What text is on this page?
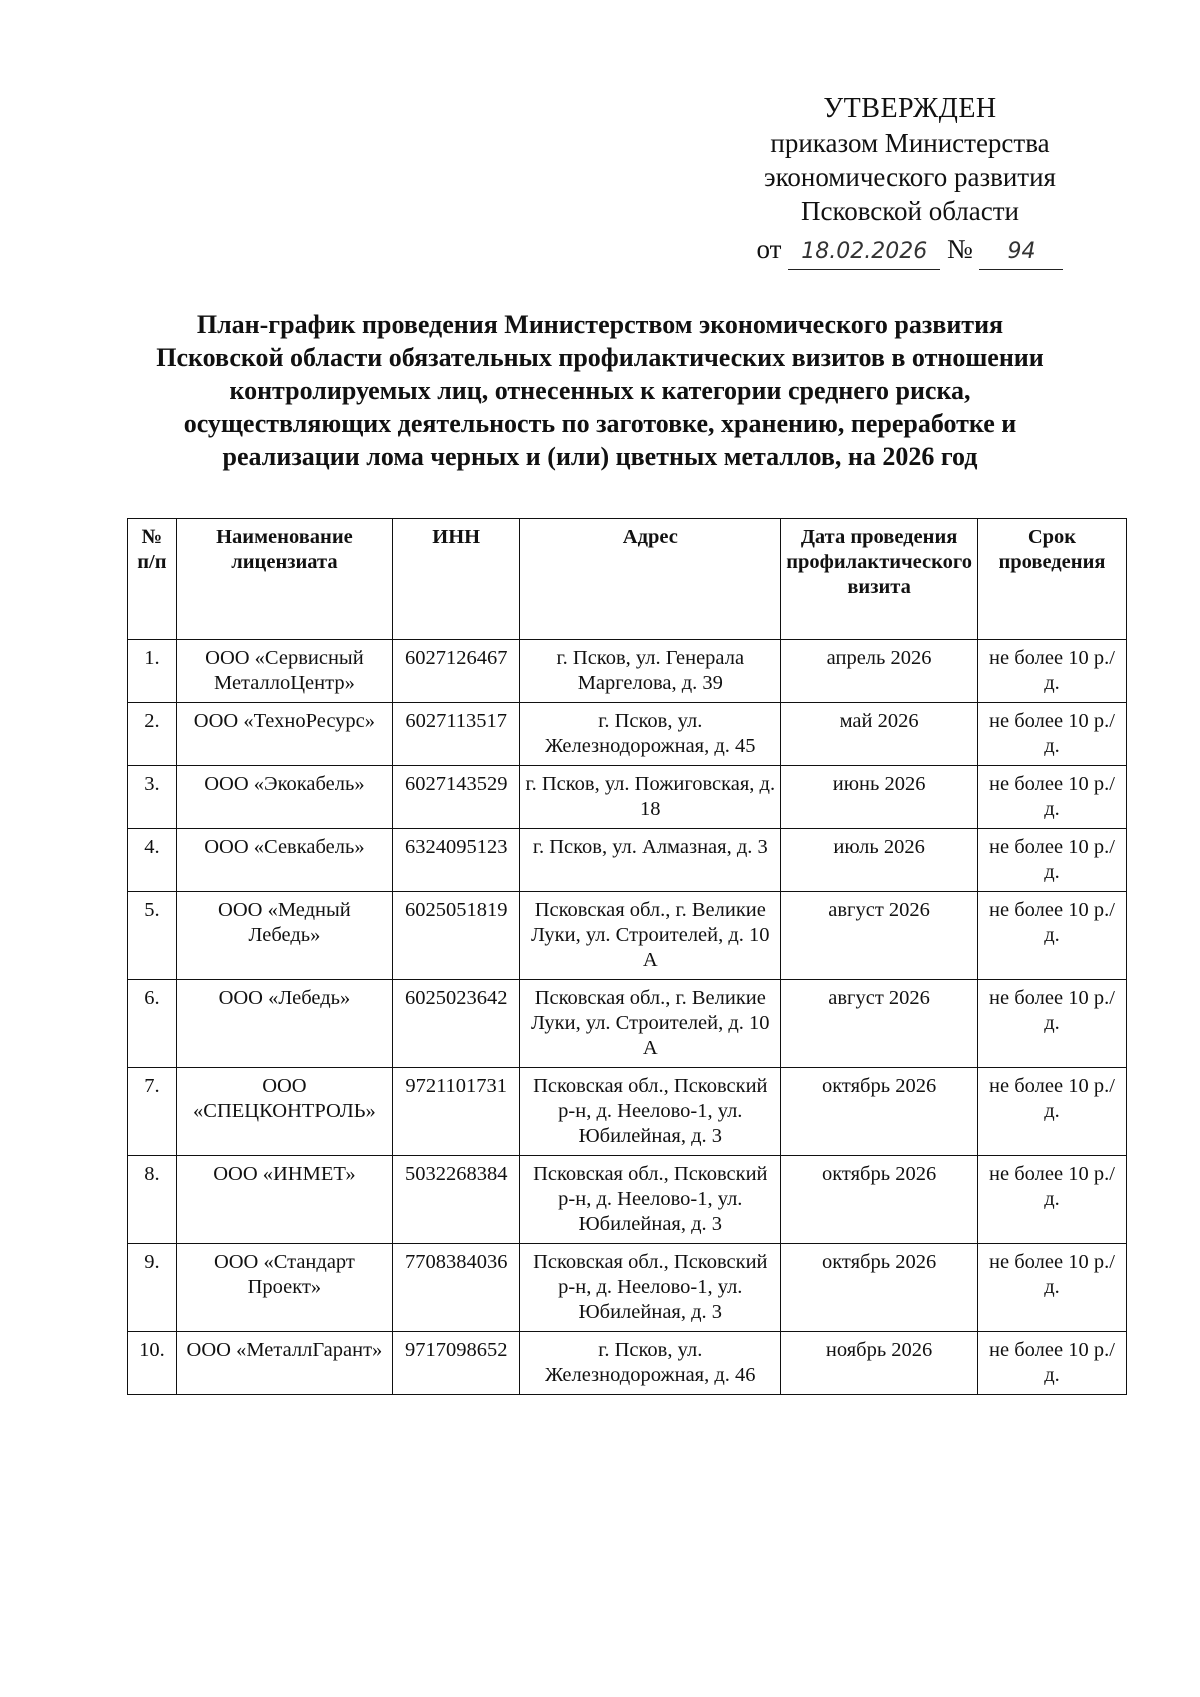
УТВЕРЖДЕН
приказом Министерства
экономического развития
Псковской области
от 18.02.2026 № 94
План-график проведения Министерством экономического развития
Псковской области обязательных профилактических визитов в отношении
контролируемых лиц, отнесенных к категории среднего риска,
осуществляющих деятельность по заготовке, хранению, переработке и
реализации лома черных и (или) цветных металлов, на 2026 год
№ п/п	Наименование лицензиата	ИНН	Адрес	Дата проведения профилактического визита	Срок проведения
1.	ООО «Сервисный МеталлоЦентр»	6027126467	г. Псков, ул. Генерала Маргелова, д. 39	апрель 2026	не более 10 р./д.
2.	ООО «ТехноРесурс»	6027113517	г. Псков, ул. Железнодорожная, д. 45	май 2026	не более 10 р./д.
3.	ООО «Экокабель»	6027143529	г. Псков, ул. Пожиговская, д. 18	июнь 2026	не более 10 р./д.
4.	ООО «Севкабель»	6324095123	г. Псков, ул. Алмазная, д. 3	июль 2026	не более 10 р./д.
5.	ООО «Медный Лебедь»	6025051819	Псковская обл., г. Великие Луки, ул. Строителей, д. 10 А	август 2026	не более 10 р./д.
6.	ООО «Лебедь»	6025023642	Псковская обл., г. Великие Луки, ул. Строителей, д. 10 А	август 2026	не более 10 р./д.
7.	ООО «СПЕЦКОНТРОЛЬ»	9721101731	Псковская обл., Псковский р-н, д. Неелово-1, ул. Юбилейная, д. 3	октябрь 2026	не более 10 р./д.
8.	ООО «ИНМЕТ»	5032268384	Псковская обл., Псковский р-н, д. Неелово-1, ул. Юбилейная, д. 3	октябрь 2026	не более 10 р./д.
9.	ООО «Стандарт Проект»	7708384036	Псковская обл., Псковский р-н, д. Неелово-1, ул. Юбилейная, д. 3	октябрь 2026	не более 10 р./д.
10.	ООО «МеталлГарант»	9717098652	г. Псков, ул. Железнодорожная, д. 46	ноябрь 2026	не более 10 р./д.
